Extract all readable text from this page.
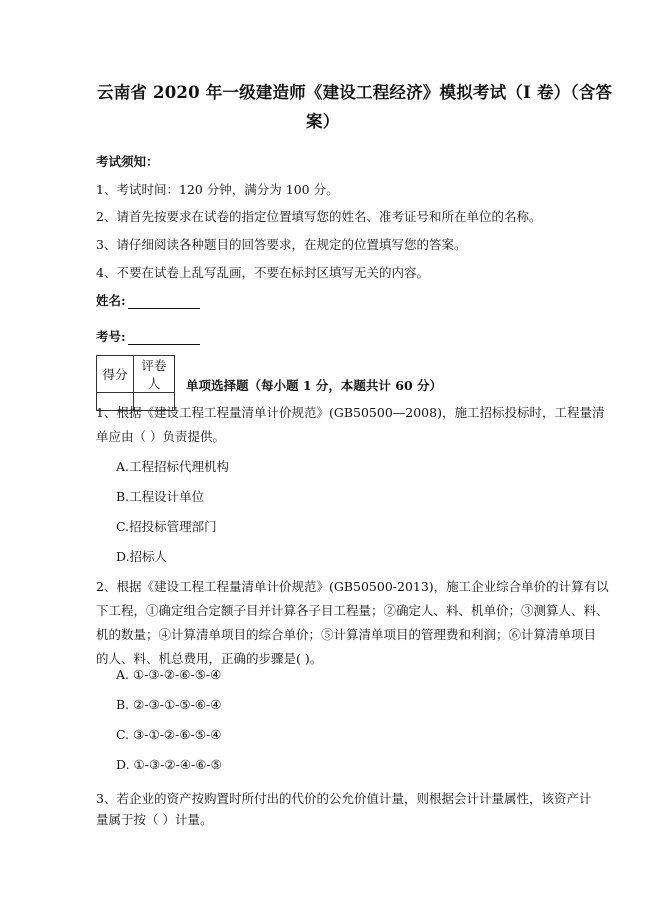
云南省 2020 年一级建造师《建设工程经济》模拟考试（I 卷）（含答
案）
考试须知：
1、考试时间：120 分钟，满分为 100 分。
2、请首先按要求在试卷的指定位置填写您的姓名、准考证号和所在单位的名称。
3、请仔细阅读各种题目的回答要求，在规定的位置填写您的答案。
4、不要在试卷上乱写乱画，不要在标封区填写无关的内容。
姓名:
考号:
得分	评卷人
	单项选择题（每小题 1 分，本题共计 60 分）
1、根据《建设工程工程量清单计价规范》(GB50500—2008)，施工招标投标时，工程量清
单应由（ ）负责提供。
A.工程招标代理机构
B.工程设计单位
C.招投标管理部门
D.招标人
2、根据《建设工程工程量清单计价规范》(GB50500-2013)，施工企业综合单价的计算有以
下工程，①确定组合定额子目并计算各子目工程量；②确定人、料、机单价；③测算人、料、
机的数量；④计算清单项目的综合单价；⑤计算清单项目的管理费和利润；⑥计算清单项目
的人、料、机总费用，正确的步骤是( )。
A. ①-③-②-⑥-⑤-④
B. ②-③-①-⑤-⑥-④
C. ③-①-②-⑥-⑤-④
D. ①-③-②-④-⑥-⑤
3、若企业的资产按购置时所付出的代价的公允价值计量，则根据会计计量属性，该资产计
量属于按（ ）计量。
